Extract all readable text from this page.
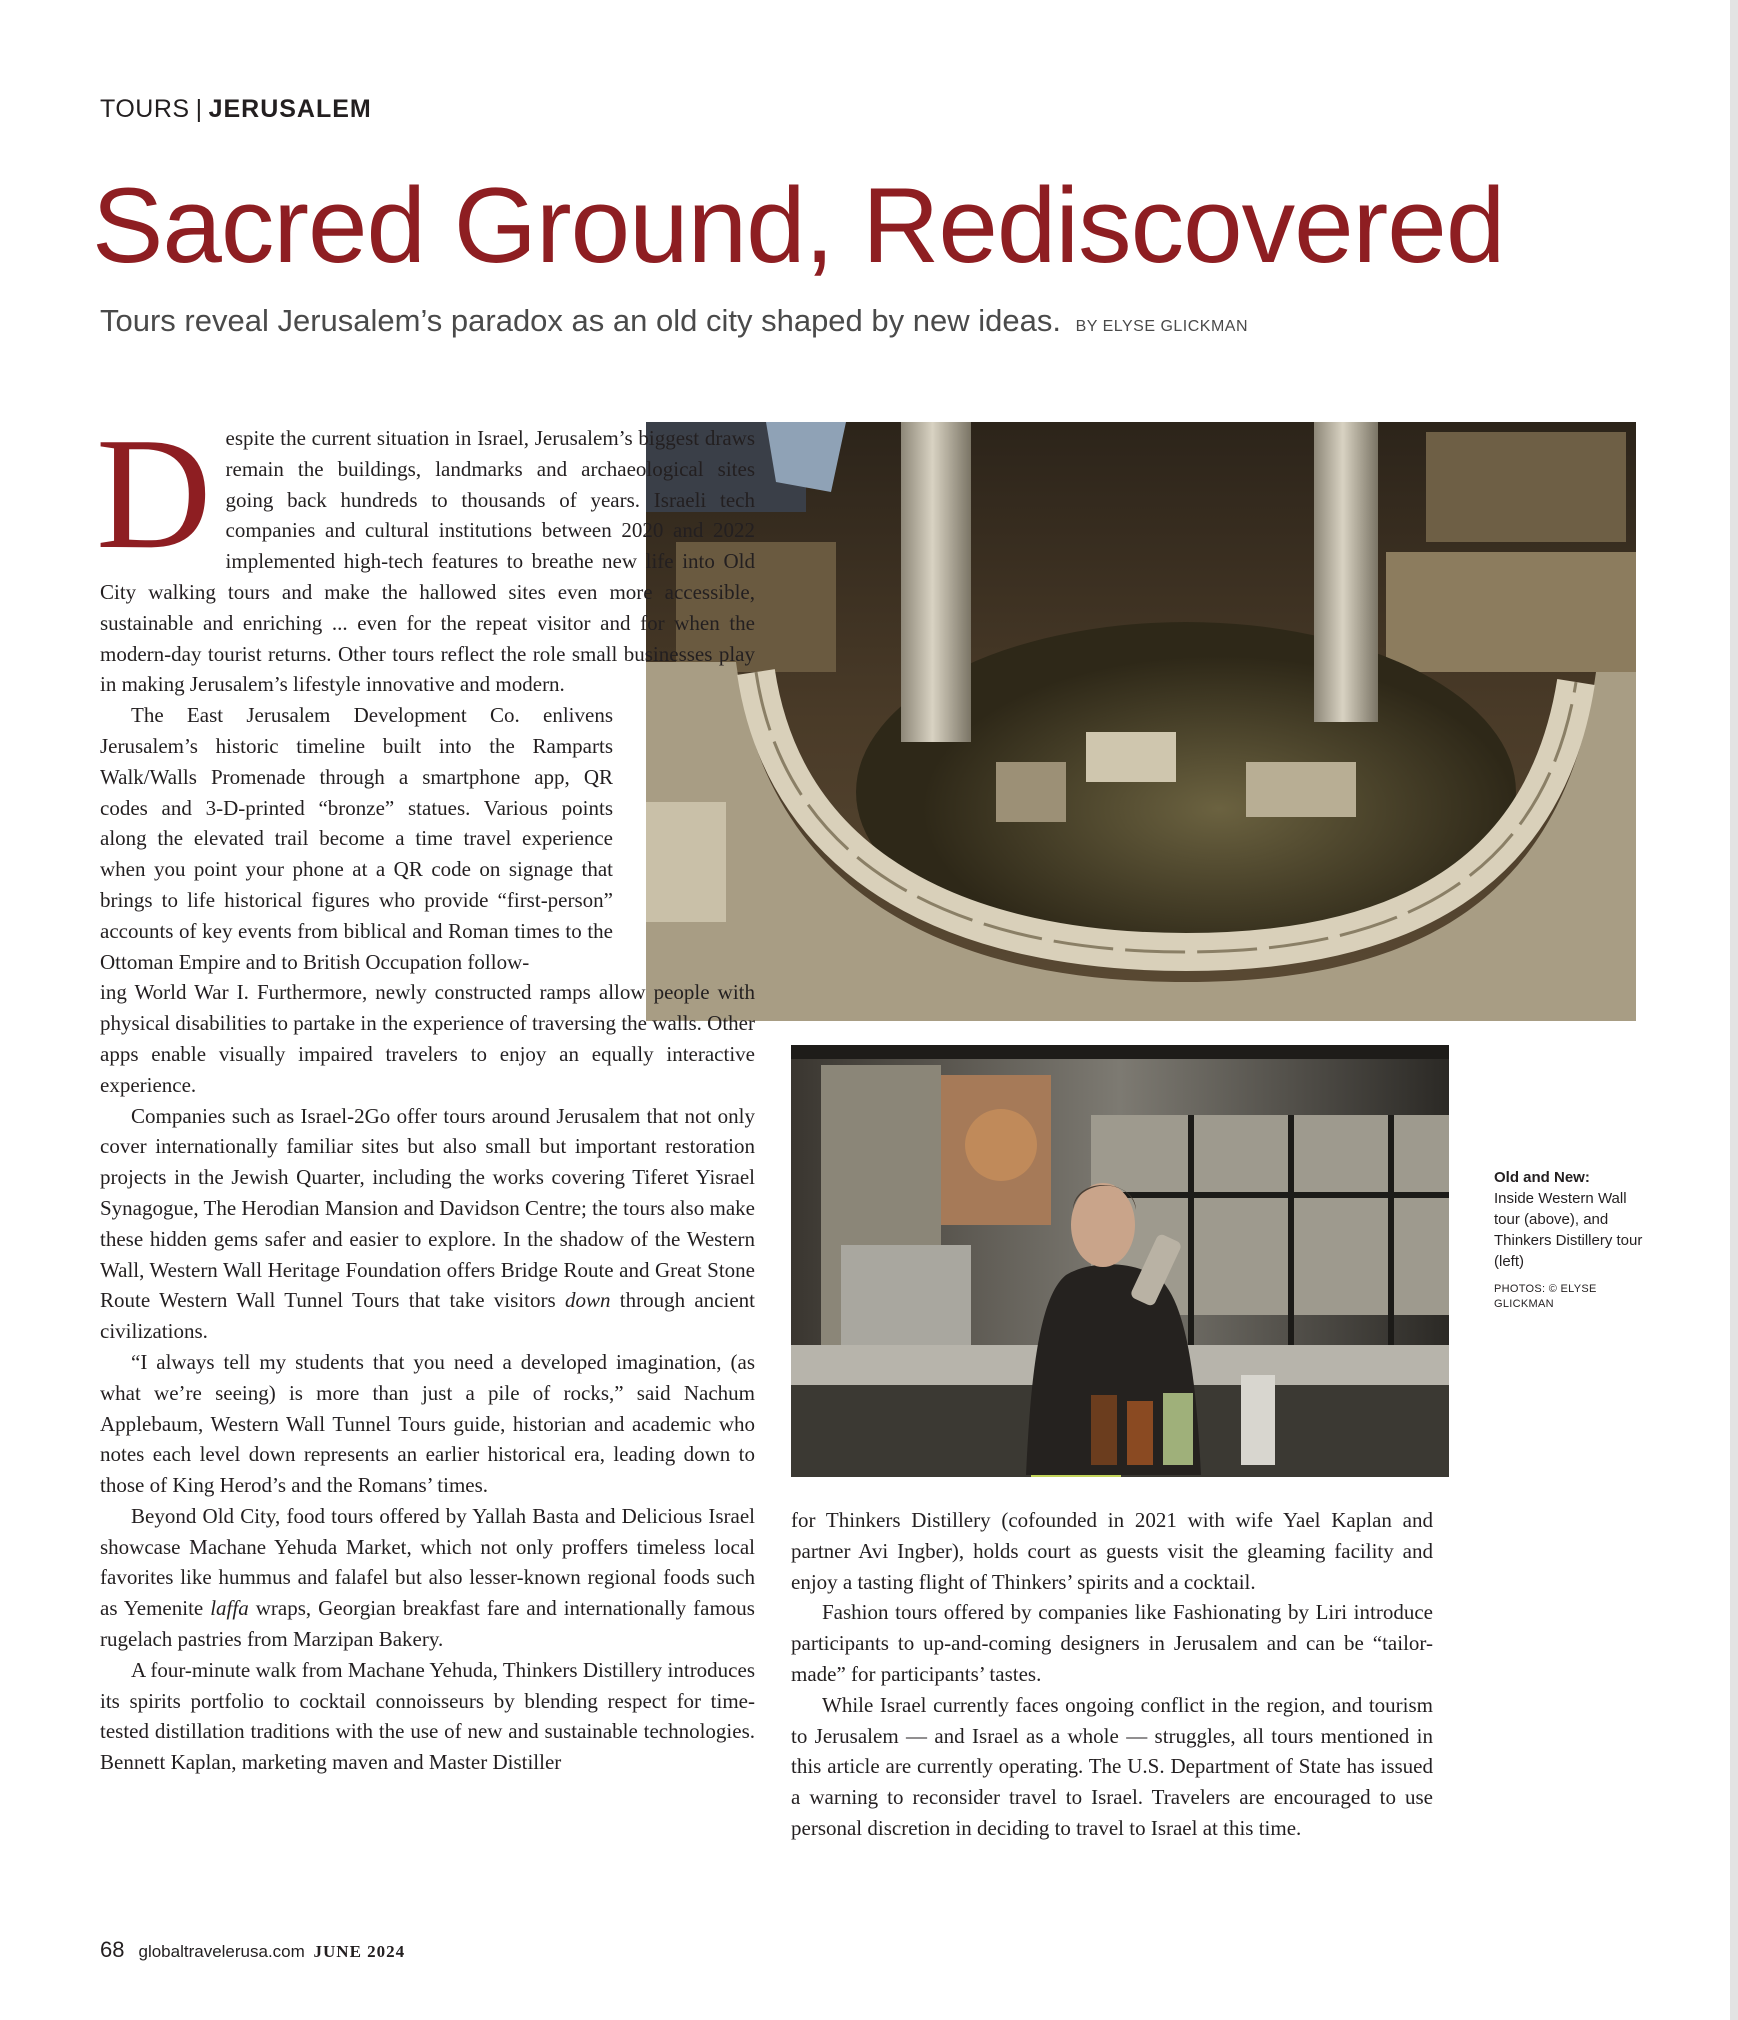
TOURS | JERUSALEM
Sacred Ground, Rediscovered
Tours reveal Jerusalem’s paradox as an old city shaped by new ideas. BY ELYSE GLICKMAN
Old and New:
Inside Western Wall tour (above), and Thinkers Distillery tour (left)
PHOTOS: © ELYSE GLICKMAN

Despite the current situation in Israel, Jerusalem’s biggest draws remain the buildings, landmarks and archaeological sites going back hundreds to thousands of years. Israeli tech companies and cultural institutions between 2020 and 2022 implemented high-tech features to breathe new life into Old City walking tours and make the hallowed sites even more accessible, sustainable and enriching ... even for the repeat visitor and for when the modern-day tourist returns. Other tours reflect the role small businesses play in making Jerusalem’s lifestyle innovative and modern.

The East Jerusalem Development Co. enlivens Jerusalem’s historic timeline built into the Ramparts Walk/Walls Promenade through a smartphone app, QR codes and 3-D-printed “bronze” statues. Various points along the elevated trail become a time travel experience when you point your phone at a QR code on signage that brings to life historical figures who provide “first-person” accounts of key events from biblical and Roman times to the Ottoman Empire and to British Occupation follow-

ing World War I. Furthermore, newly constructed ramps allow people with physical disabilities to partake in the experience of traversing the walls. Other apps enable visually impaired travelers to enjoy an equally interactive experience.

Companies such as Israel-2Go offer tours around Jerusalem that not only cover internationally familiar sites but also small but important restoration projects in the Jewish Quarter, including the works covering Tiferet Yisrael Synagogue, The Herodian Mansion and Davidson Centre; the tours also make these hidden gems safer and easier to explore. In the shadow of the Western Wall, Western Wall Heritage Foundation offers Bridge Route and Great Stone Route Western Wall Tunnel Tours that take visitors down through ancient civilizations.

“I always tell my students that you need a developed imagination, (as what we’re seeing) is more than just a pile of rocks,” said Nachum Applebaum, Western Wall Tunnel Tours guide, historian and academic who notes each level down represents an earlier historical era, leading down to those of King Herod’s and the Romans’ times.

Beyond Old City, food tours offered by Yallah Basta and Delicious Israel showcase Machane Yehuda Market, which not only proffers timeless local favorites like hummus and falafel but also lesser-known regional foods such as Yemenite laffa wraps, Georgian breakfast fare and internationally famous rugelach pastries from Marzipan Bakery.

A four-minute walk from Machane Yehuda, Thinkers Distillery introduces its spirits portfolio to cocktail connoisseurs by blending respect for time-tested distillation traditions with the use of new and sustainable technologies. Bennett Kaplan, marketing maven and Master Distiller

for Thinkers Distillery (cofounded in 2021 with wife Yael Kaplan and partner Avi Ingber), holds court as guests visit the gleaming facility and enjoy a tasting flight of Thinkers’ spirits and a cocktail.

Fashion tours offered by companies like Fashionating by Liri introduce participants to up-and-coming designers in Jerusalem and can be “tailor-made” for participants’ tastes.

While Israel currently faces ongoing conflict in the region, and tourism to Jerusalem — and Israel as a whole — struggles, all tours mentioned in this article are currently operating. The U.S. Department of State has issued a warning to reconsider travel to Israel. Travelers are encouraged to use personal discretion in deciding to travel to Israel at this time.

68 globaltravelerusa.com JUNE 2024
